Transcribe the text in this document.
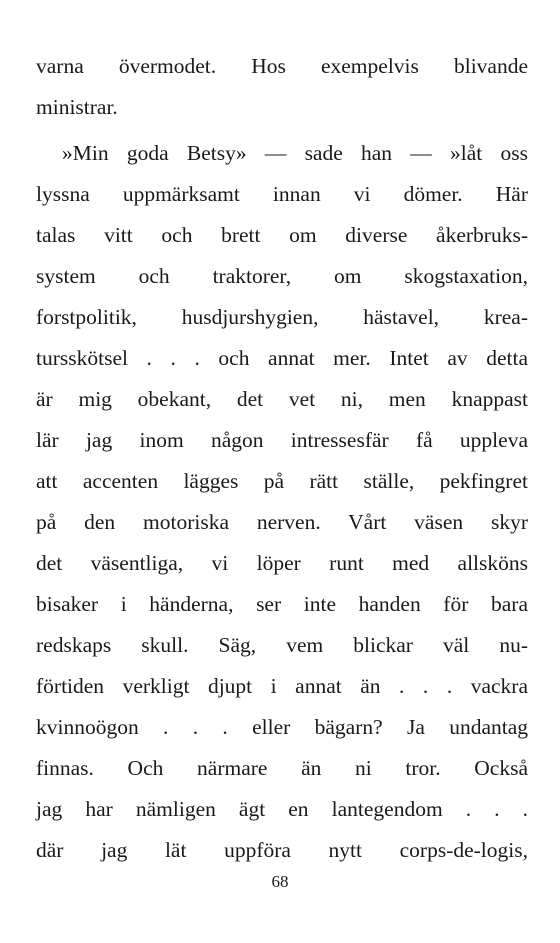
varna övermodet. Hos exempelvis blivande
ministrar.
»Min goda Betsy» — sade han — »låt oss
lyssna uppmärksamt innan vi dömer. Här
talas vitt och brett om diverse åkerbruks-
system och traktorer, om skogstaxation,
forstpolitik, husdjurshygien, hästavel, krea-
tursskötsel . . . och annat mer. Intet av detta
är mig obekant, det vet ni, men knappast
lär jag inom någon intressesfär få uppleva
att accenten lägges på rätt ställe, pekfingret
på den motoriska nerven. Vårt väsen skyr
det väsentliga, vi löper runt med allsköns
bisaker i händerna, ser inte handen för bara
redskaps skull. Säg, vem blickar väl nu-
förtiden verkligt djupt i annat än . . . vackra
kvinnoögon . . . eller bägarn? Ja undantag
finnas. Och närmare än ni tror. Också
jag har nämligen ägt en lantegendom . . .
där jag lät uppföra nytt corps-de-logis,
68
